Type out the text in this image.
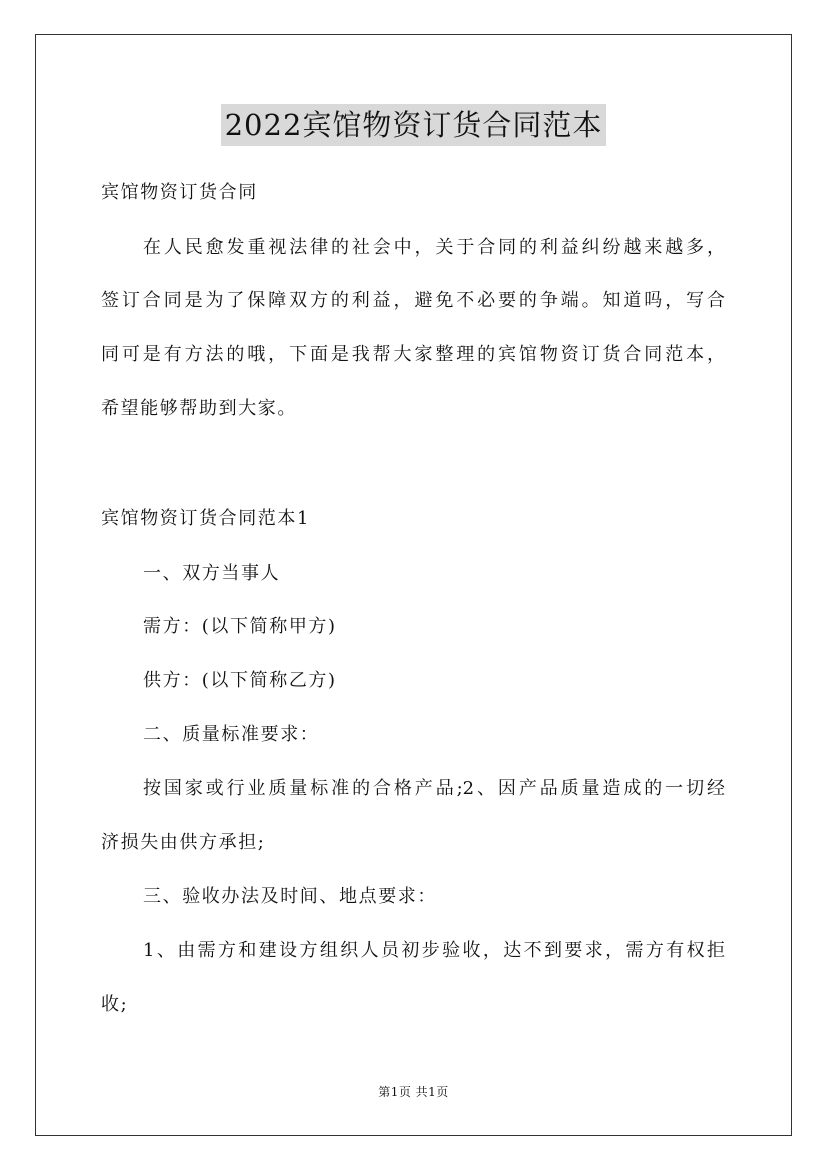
2022宾馆物资订货合同范本
宾馆物资订货合同
在人民愈发重视法律的社会中，关于合同的利益纠纷越来越多，
签订合同是为了保障双方的利益，避免不必要的争端。知道吗，写合
同可是有方法的哦，下面是我帮大家整理的宾馆物资订货合同范本，
希望能够帮助到大家。
宾馆物资订货合同范本1
一、双方当事人
需方：(以下简称甲方)
供方：(以下简称乙方)
二、质量标准要求：
按国家或行业质量标准的合格产品;2、因产品质量造成的一切经
济损失由供方承担;
三、验收办法及时间、地点要求：
1、由需方和建设方组织人员初步验收，达不到要求，需方有权拒
收;
第1页 共1页
